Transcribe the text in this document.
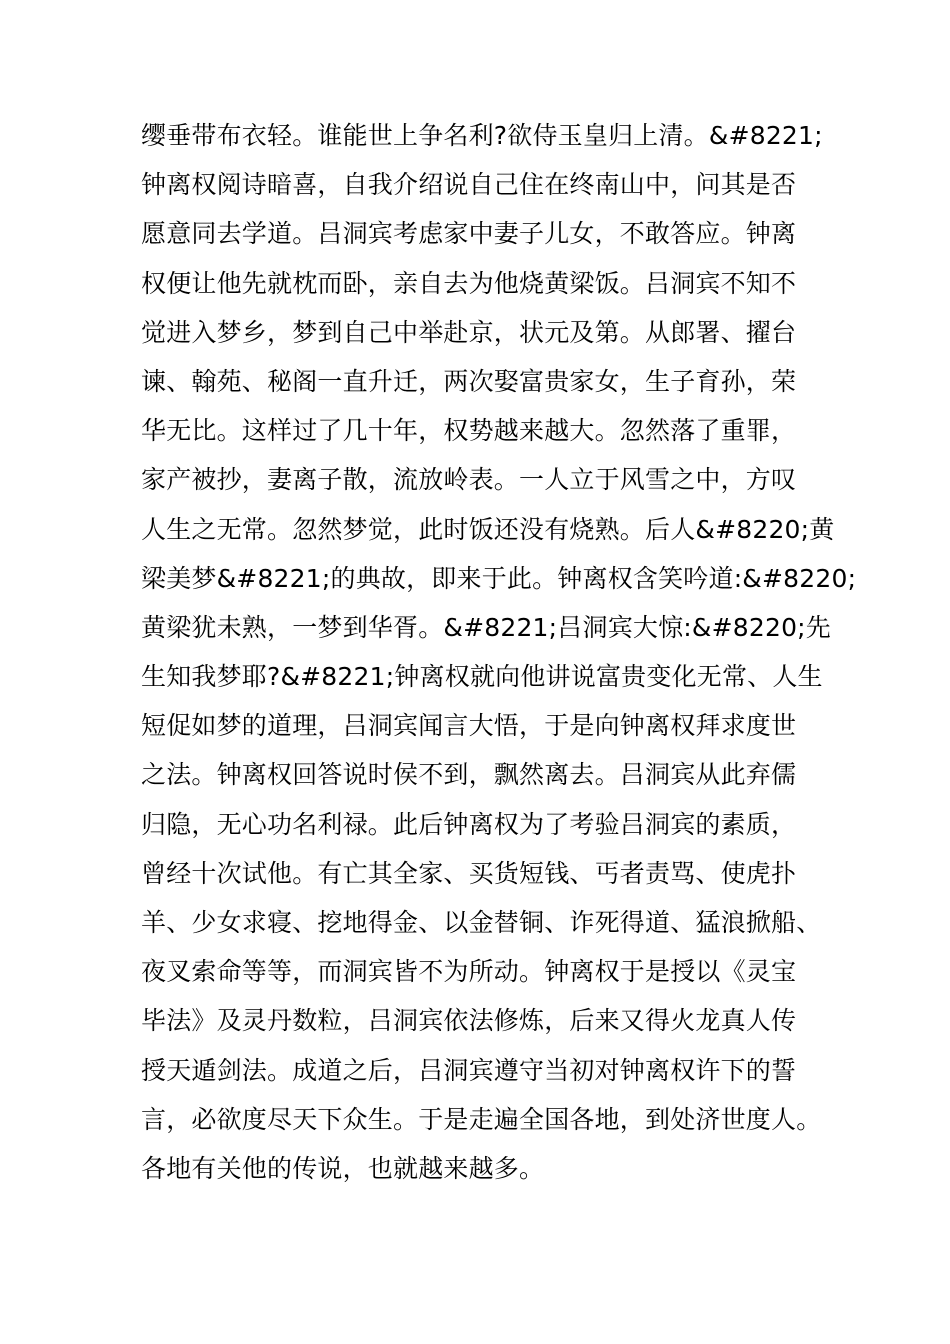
缨垂带布衣轻。谁能世上争名利?欲侍玉皇归上清。&#8221;
钟离权阅诗暗喜，自我介绍说自己住在终南山中，问其是否
愿意同去学道。吕洞宾考虑家中妻子儿女，不敢答应。钟离
权便让他先就枕而卧，亲自去为他烧黄梁饭。吕洞宾不知不
觉进入梦乡，梦到自己中举赴京，状元及第。从郎署、擢台
谏、翰苑、秘阁一直升迁，两次娶富贵家女，生子育孙，荣
华无比。这样过了几十年，权势越来越大。忽然落了重罪，
家产被抄，妻离子散，流放岭表。一人立于风雪之中，方叹
人生之无常。忽然梦觉，此时饭还没有烧熟。后人&#8220;黄
梁美梦&#8221;的典故，即来于此。钟离权含笑吟道:&#8220;
黄梁犹未熟，一梦到华胥。&#8221;吕洞宾大惊:&#8220;先
生知我梦耶?&#8221;钟离权就向他讲说富贵变化无常、人生
短促如梦的道理，吕洞宾闻言大悟，于是向钟离权拜求度世
之法。钟离权回答说时侯不到，飘然离去。吕洞宾从此弃儒
归隐，无心功名利禄。此后钟离权为了考验吕洞宾的素质，
曾经十次试他。有亡其全家、买货短钱、丐者责骂、使虎扑
羊、少女求寝、挖地得金、以金替铜、诈死得道、猛浪掀船、
夜叉索命等等，而洞宾皆不为所动。钟离权于是授以《灵宝
毕法》及灵丹数粒，吕洞宾依法修炼，后来又得火龙真人传
授天遁剑法。成道之后，吕洞宾遵守当初对钟离权许下的誓
言，必欲度尽天下众生。于是走遍全国各地，到处济世度人。
各地有关他的传说，也就越来越多。
